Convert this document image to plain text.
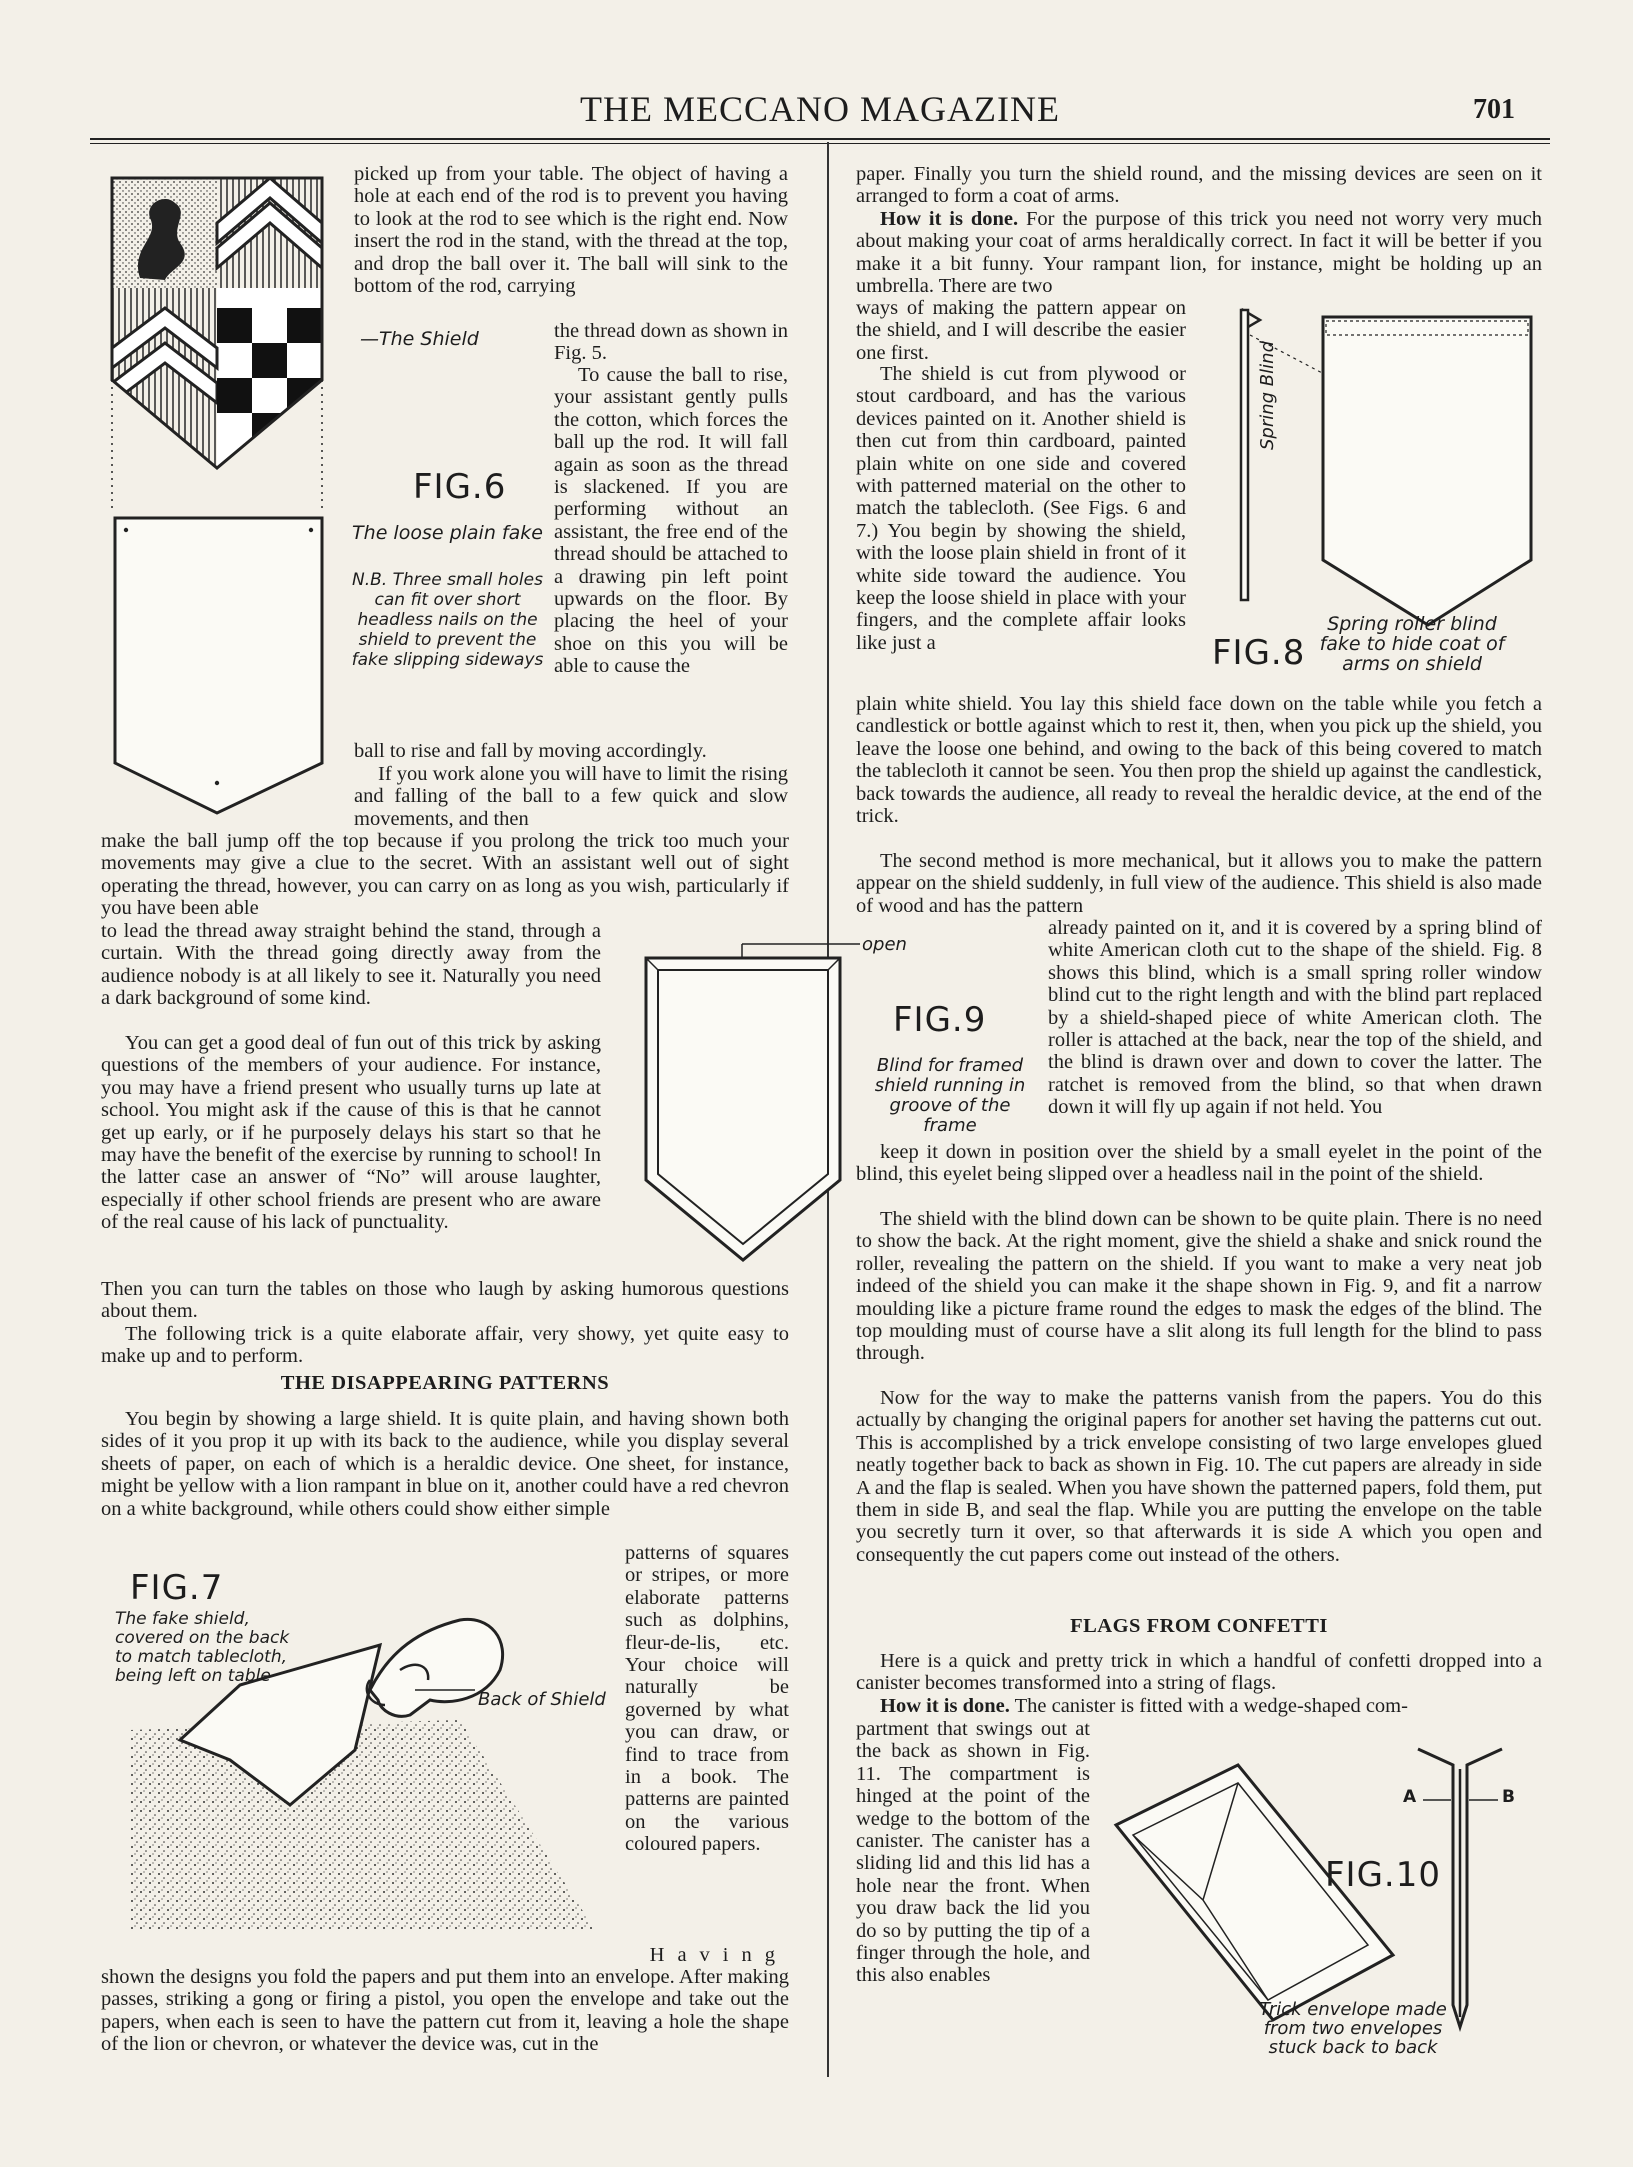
THE MECCANO MAGAZINE	701
—The Shield
FIG.6
The loose plain fake
N.B. Three small holes can fit over short headless nails on the shield to prevent the fake slipping sideways

picked up from your table. The object of having a hole at each end of the rod is to prevent you having to look at the rod to see which is the right end. Now insert the rod in the stand, with the thread at the top, and drop the ball over it. The ball will sink to the bottom of the rod, carrying

the thread down as shown in Fig. 5.

To cause the ball to rise, your assistant gently pulls the cotton, which forces the ball up the rod. It will fall again as soon as the thread is slackened. If you are performing without an assistant, the free end of the thread should be attached to a drawing pin left point upwards on the floor. By placing the heel of your shoe on this you will be able to cause the

ball to rise and fall by moving accordingly.

If you work alone you will have to limit the rising and falling of the ball to a few quick and slow movements, and then

make the ball jump off the top because if you prolong the trick too much your movements may give a clue to the secret. With an assistant well out of sight operating the thread, however, you can carry on as long as you wish, particularly if you have been able

to lead the thread away straight behind the stand, through a curtain. With the thread going directly away from the audience nobody is at all likely to see it. Naturally you need a dark background of some kind.

You can get a good deal of fun out of this trick by asking questions of the members of your audience. For instance, you may have a friend present who usually turns up late at school. You might ask if the cause of this is that he cannot get up early, or if he purposely delays his start so that he may have the benefit of the exercise by running to school! In the latter case an answer of “No” will arouse laughter, especially if other school friends are present who are aware of the real cause of his lack of punctuality.

Then you can turn the tables on those who laugh by asking humorous questions about them.

The following trick is a quite elaborate affair, very showy, yet quite easy to make up and to perform.

THE DISAPPEARING PATTERNS

You begin by showing a large shield. It is quite plain, and having shown both sides of it you prop it up with its back to the audience, while you display several sheets of paper, on each of which is a heraldic device. One sheet, for instance, might be yellow with a lion rampant in blue on it, another could have a red chevron on a white background, while others could show either simple

patterns of squares or stripes, or more elaborate patterns such as dolphins, fleur-de-lis, etc. Your choice will naturally be governed by what you can draw, or find to trace from in a book. The patterns are painted on the various coloured papers.

Having

shown the designs you fold the papers and put them into an envelope. After making passes, striking a gong or firing a pistol, you open the envelope and take out the papers, when each is seen to have the pattern cut from it, leaving a hole the shape of the lion or chevron, or whatever the device was, cut in the

open
FIG.7
The fake shield, covered on the back to match tablecloth, being left on table
Back of Shield

paper. Finally you turn the shield round, and the missing devices are seen on it arranged to form a coat of arms.

How it is done. For the purpose of this trick you need not worry very much about making your coat of arms heraldically correct. In fact it will be better if you make it a bit funny. Your rampant lion, for instance, might be holding up an umbrella. There are two

ways of making the pattern appear on the shield, and I will describe the easier one first.

The shield is cut from plywood or stout cardboard, and has the various devices painted on it. Another shield is then cut from thin cardboard, painted plain white on one side and covered with patterned material on the other to match the tablecloth. (See Figs. 6 and 7.) You begin by showing the shield, with the loose plain shield in front of it white side toward the audience. You keep the loose shield in place with your fingers, and the complete affair looks like just a

plain white shield. You lay this shield face down on the table while you fetch a candlestick or bottle against which to rest it, then, when you pick up the shield, you leave the loose one behind, and owing to the back of this being covered to match the tablecloth it cannot be seen. You then prop the shield up against the candlestick, back towards the audience, all ready to reveal the heraldic device, at the end of the trick.

The second method is more mechanical, but it allows you to make the pattern appear on the shield suddenly, in full view of the audience. This shield is also made of wood and has the pattern

already painted on it, and it is covered by a spring blind of white American cloth cut to the shape of the shield. Fig. 8 shows this blind, which is a small spring roller window blind cut to the right length and with the blind part replaced by a shield-shaped piece of white American cloth. The roller is attached at the back, near the top of the shield, and the blind is drawn over and down to cover the latter. The ratchet is removed from the blind, so that when drawn down it will fly up again if not held. You

keep it down in position over the shield by a small eyelet in the point of the blind, this eyelet being slipped over a headless nail in the point of the shield.

The shield with the blind down can be shown to be quite plain. There is no need to show the back. At the right moment, give the shield a shake and snick round the roller, revealing the pattern on the shield. If you want to make a very neat job indeed of the shield you can make it the shape shown in Fig. 9, and fit a narrow moulding like a picture frame round the edges to mask the edges of the blind. The top moulding must of course have a slit along its full length for the blind to pass through.

Now for the way to make the patterns vanish from the papers. You do this actually by changing the original papers for another set having the patterns cut out. This is accomplished by a trick envelope consisting of two large envelopes glued neatly together back to back as shown in Fig. 10. The cut papers are already in side A and the flap is sealed. When you have shown the patterned papers, fold them, put them in side B, and seal the flap. While you are putting the envelope on the table you secretly turn it over, so that afterwards it is side A which you open and consequently the cut papers come out instead of the others.

FLAGS FROM CONFETTI

Here is a quick and pretty trick in which a handful of confetti dropped into a canister becomes transformed into a string of flags.

How it is done. The canister is fitted with a wedge-shaped com-

partment that swings out at the back as shown in Fig. 11. The compartment is hinged at the point of the wedge to the bottom of the canister. The canister has a sliding lid and this lid has a hole near the front. When you draw back the lid you do so by putting the tip of a finger through the hole, and this also enables

Spring Blind
FIG.8
Spring roller blind fake to hide coat of arms on shield
FIG.9
Blind for framed shield running in groove of the frame
A	B
FIG.10
Trick envelope made from two envelopes stuck back to back
